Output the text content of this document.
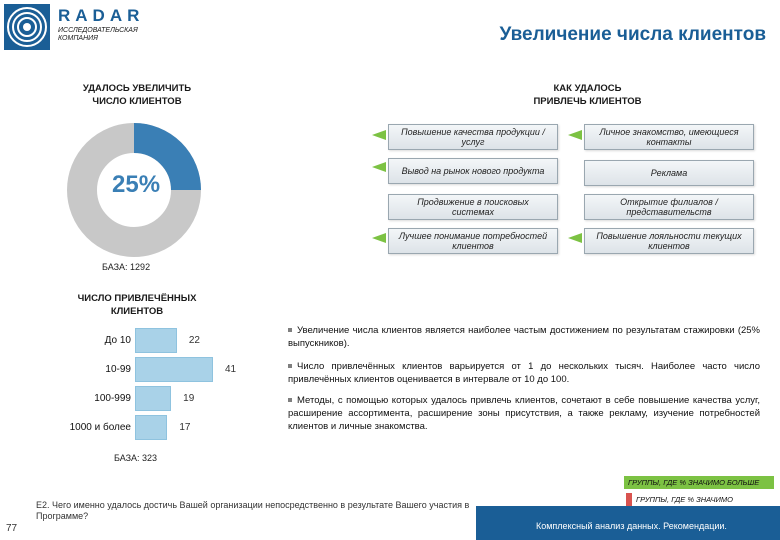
RADAR
ИССЛЕДОВАТЕЛЬСКАЯ КОМПАНИЯ	Увеличение числа клиентов
УДАЛОСЬ УВЕЛИЧИТЬ
ЧИСЛО КЛИЕНТОВ
25%
БАЗА: 1292
КАК УДАЛОСЬ
ПРИВЛЕЧЬ КЛИЕНТОВ
Повышение качества продукции / услуг
Вывод на рынок нового продукта
Продвижение в поисковых системах
Лучшее понимание потребностей клиентов
Личное знакомство, имеющиеся контакты
Реклама
Открытие филиалов / представительств
Повышение лояльности текущих клиентов
ЧИСЛО ПРИВЛЕЧЁННЫХ
КЛИЕНТОВ
До 10	22
10-99	41
100-999	19
1000 и более	17
БАЗА: 323
Увеличение числа клиентов является наиболее частым достижением по результатам стажировки (25% выпускников).
Число привлечённых клиентов варьируется от 1 до нескольких тысяч. Наиболее часто число привлечённых клиентов оценивается в интервале от 10 до 100.
Методы, с помощью которых удалось привлечь клиентов, сочетают в себе повышение качества услуг, расширение ассортимента, расширение зоны присутствия, а также рекламу, изучение потребностей клиентов и личные знакомства.
ГРУППЫ, ГДЕ % ЗНАЧИМО БОЛЬШЕ
ГРУППЫ, ГДЕ % ЗНАЧИМО
77
E2. Чего именно удалось достичь Вашей организации непосредственно в результате Вашего участия в Программе?
Комплексный анализ данных. Рекомендации.
